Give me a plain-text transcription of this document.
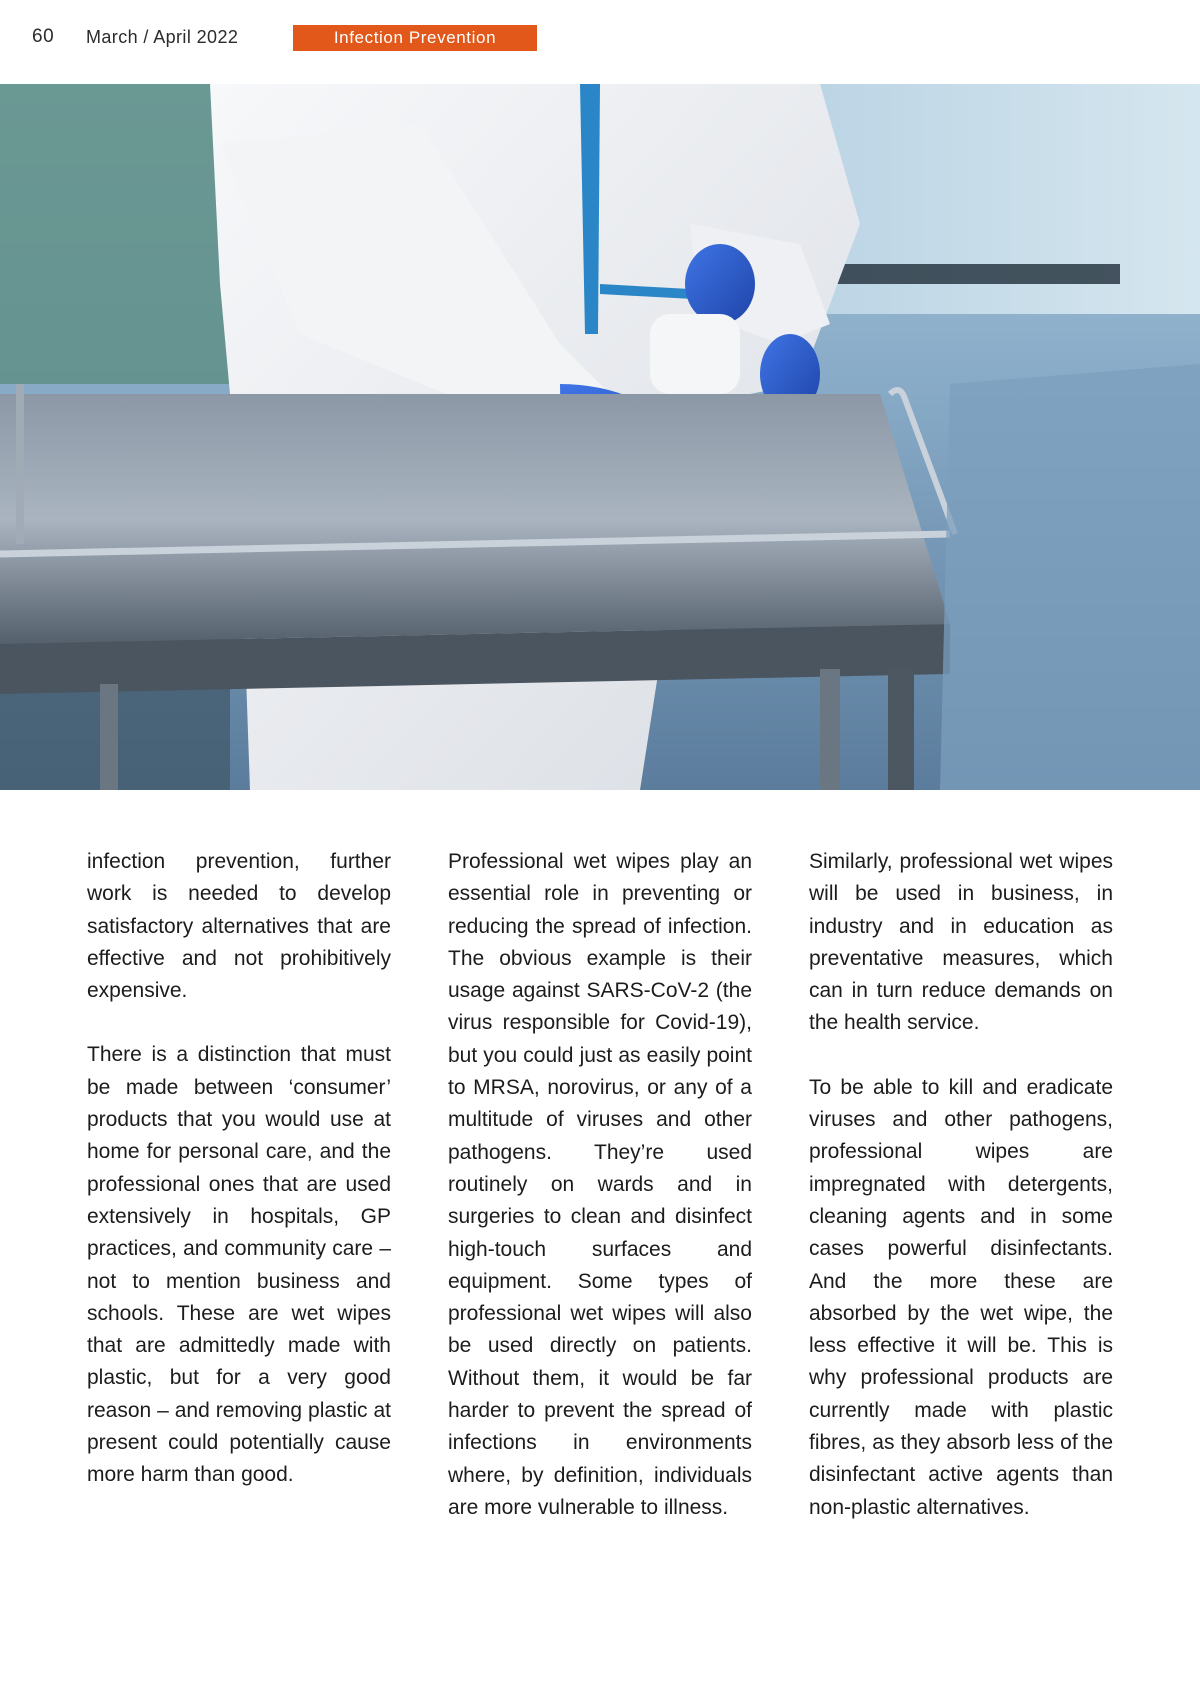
60 March / April 2022	Infection Prevention

infection prevention, further work is needed to develop satisfactory alternatives that are effective and not prohibitively expensive.

There is a distinction that must be made between ‘consumer’ products that you would use at home for personal care, and the professional ones that are used extensively in hospitals, GP practices, and community care – not to mention business and schools. These are wet wipes that are admittedly made with plastic, but for a very good reason – and removing plastic at present could potentially cause more harm than good.

Professional wet wipes play an essential role in preventing or reducing the spread of infection. The obvious example is their usage against SARS-CoV-2 (the virus responsible for Covid-19), but you could just as easily point to MRSA, norovirus, or any of a multitude of viruses and other pathogens. They’re used routinely on wards and in surgeries to clean and disinfect high-touch surfaces and equipment. Some types of professional wet wipes will also be used directly on patients. Without them, it would be far harder to prevent the spread of infections in environments where, by definition, individuals are more vulnerable to illness.

Similarly, professional wet wipes will be used in business, in industry and in education as preventative measures, which can in turn reduce demands on the health service.

To be able to kill and eradicate viruses and other pathogens, professional wipes are impregnated with detergents, cleaning agents and in some cases powerful disinfectants. And the more these are absorbed by the wet wipe, the less effective it will be. This is why professional products are currently made with plastic fibres, as they absorb less of the disinfectant active agents than non-plastic alternatives.
